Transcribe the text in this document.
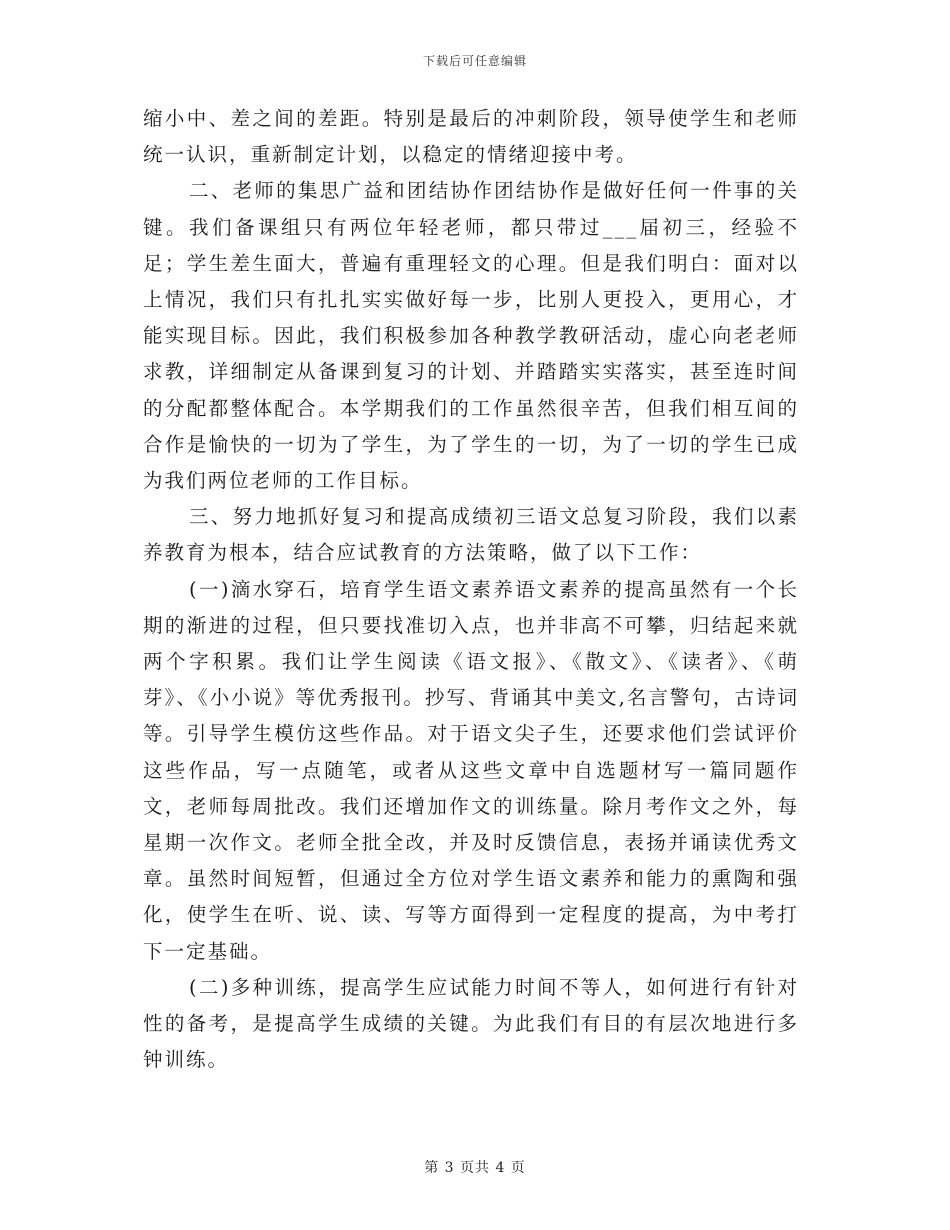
下载后可任意编辑

缩小中、差之间的差距。特别是最后的冲刺阶段，领导使学生和老师统一认识，重新制定计划，以稳定的情绪迎接中考。

二、老师的集思广益和团结协作团结协作是做好任何一件事的关键。我们备课组只有两位年轻老师，都只带过___届初三，经验不足；学生差生面大，普遍有重理轻文的心理。但是我们明白：面对以上情况，我们只有扎扎实实做好每一步，比别人更投入，更用心，才能实现目标。因此，我们积极参加各种教学教研活动，虚心向老老师求教，详细制定从备课到复习的计划、并踏踏实实落实，甚至连时间的分配都整体配合。本学期我们的工作虽然很辛苦，但我们相互间的合作是愉快的一切为了学生，为了学生的一切，为了一切的学生已成为我们两位老师的工作目标。

三、努力地抓好复习和提高成绩初三语文总复习阶段，我们以素养教育为根本，结合应试教育的方法策略，做了以下工作：

(一)滴水穿石，培育学生语文素养语文素养的提高虽然有一个长期的渐进的过程，但只要找准切入点，也并非高不可攀，归结起来就两个字积累。我们让学生阅读《语文报》、《散文》、《读者》、《萌芽》、《小小说》等优秀报刊。抄写、背诵其中美文,名言警句，古诗词等。引导学生模仿这些作品。对于语文尖子生，还要求他们尝试评价这些作品，写一点随笔，或者从这些文章中自选题材写一篇同题作文，老师每周批改。我们还增加作文的训练量。除月考作文之外，每星期一次作文。老师全批全改，并及时反馈信息，表扬并诵读优秀文章。虽然时间短暂，但通过全方位对学生语文素养和能力的熏陶和强化，使学生在听、说、读、写等方面得到一定程度的提高，为中考打下一定基础。

(二)多种训练，提高学生应试能力时间不等人，如何进行有针对性的备考，是提高学生成绩的关键。为此我们有目的有层次地进行多钟训练。

第 3 页共 4 页
